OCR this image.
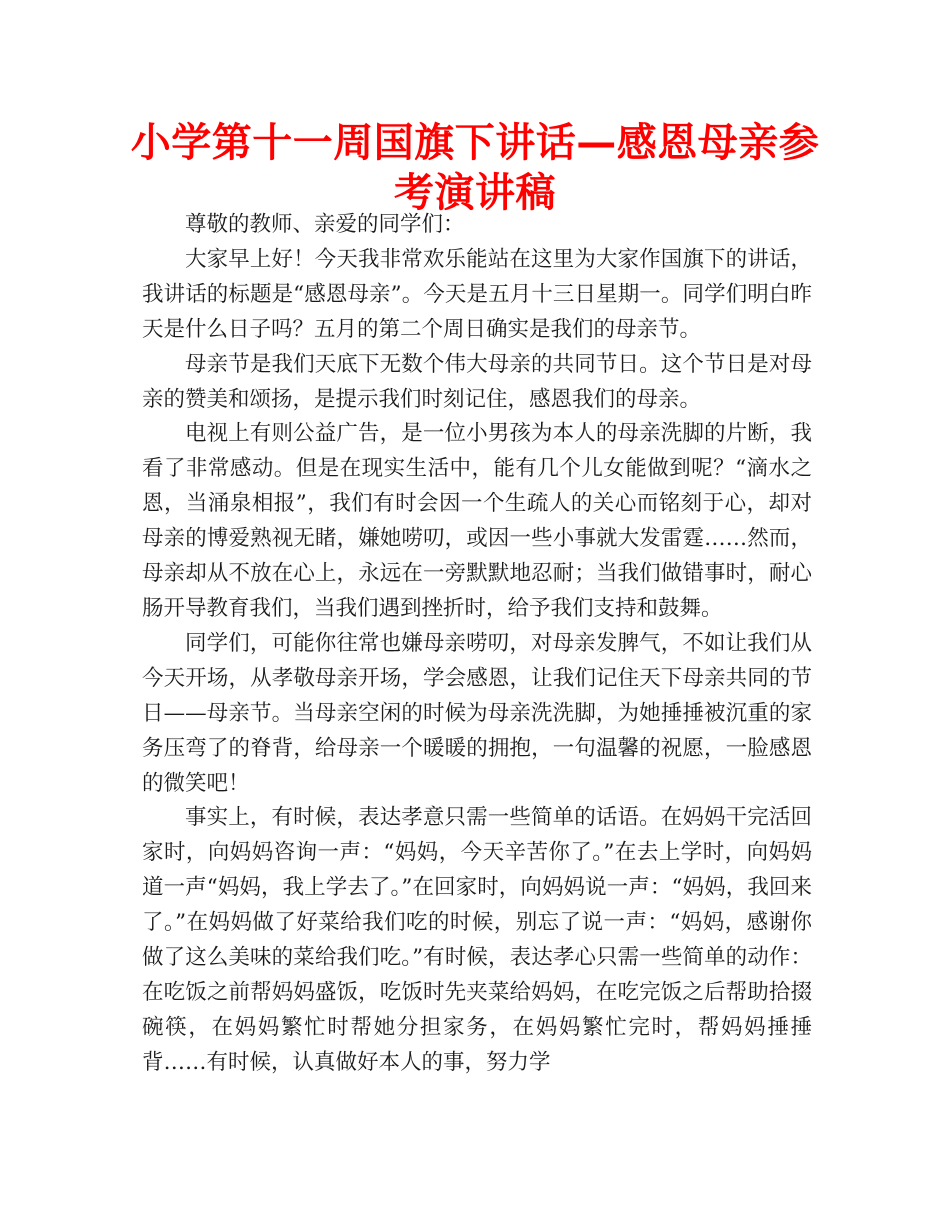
小学第十一周国旗下讲话—感恩母亲参考演讲稿

尊敬的教师、亲爱的同学们：

大家早上好！今天我非常欢乐能站在这里为大家作国旗下的讲话，我讲话的标题是“感恩母亲”。今天是五月十三日星期一。同学们明白昨天是什么日子吗？五月的第二个周日确实是我们的母亲节。

母亲节是我们天底下无数个伟大母亲的共同节日。这个节日是对母亲的赞美和颂扬，是提示我们时刻记住，感恩我们的母亲。

电视上有则公益广告，是一位小男孩为本人的母亲洗脚的片断，我看了非常感动。但是在现实生活中，能有几个儿女能做到呢？“滴水之恩，当涌泉相报”，我们有时会因一个生疏人的关心而铭刻于心，却对母亲的博爱熟视无睹，嫌她唠叨，或因一些小事就大发雷霆……然而，母亲却从不放在心上，永远在一旁默默地忍耐；当我们做错事时，耐心肠开导教育我们，当我们遇到挫折时，给予我们支持和鼓舞。

同学们，可能你往常也嫌母亲唠叨，对母亲发脾气，不如让我们从今天开场，从孝敬母亲开场，学会感恩，让我们记住天下母亲共同的节日——母亲节。当母亲空闲的时候为母亲洗洗脚，为她捶捶被沉重的家务压弯了的脊背，给母亲一个暖暖的拥抱，一句温馨的祝愿，一脸感恩的微笑吧！

事实上，有时候，表达孝意只需一些简单的话语。在妈妈干完活回家时，向妈妈咨询一声：“妈妈，今天辛苦你了。”在去上学时，向妈妈道一声“妈妈，我上学去了。”在回家时，向妈妈说一声：“妈妈，我回来了。”在妈妈做了好菜给我们吃的时候，别忘了说一声：“妈妈，感谢你做了这么美味的菜给我们吃。”有时候，表达孝心只需一些简单的动作：在吃饭之前帮妈妈盛饭，吃饭时先夹菜给妈妈，在吃完饭之后帮助拾掇碗筷，在妈妈繁忙时帮她分担家务，在妈妈繁忙完时，帮妈妈捶捶背……有时候，认真做好本人的事，努力学
